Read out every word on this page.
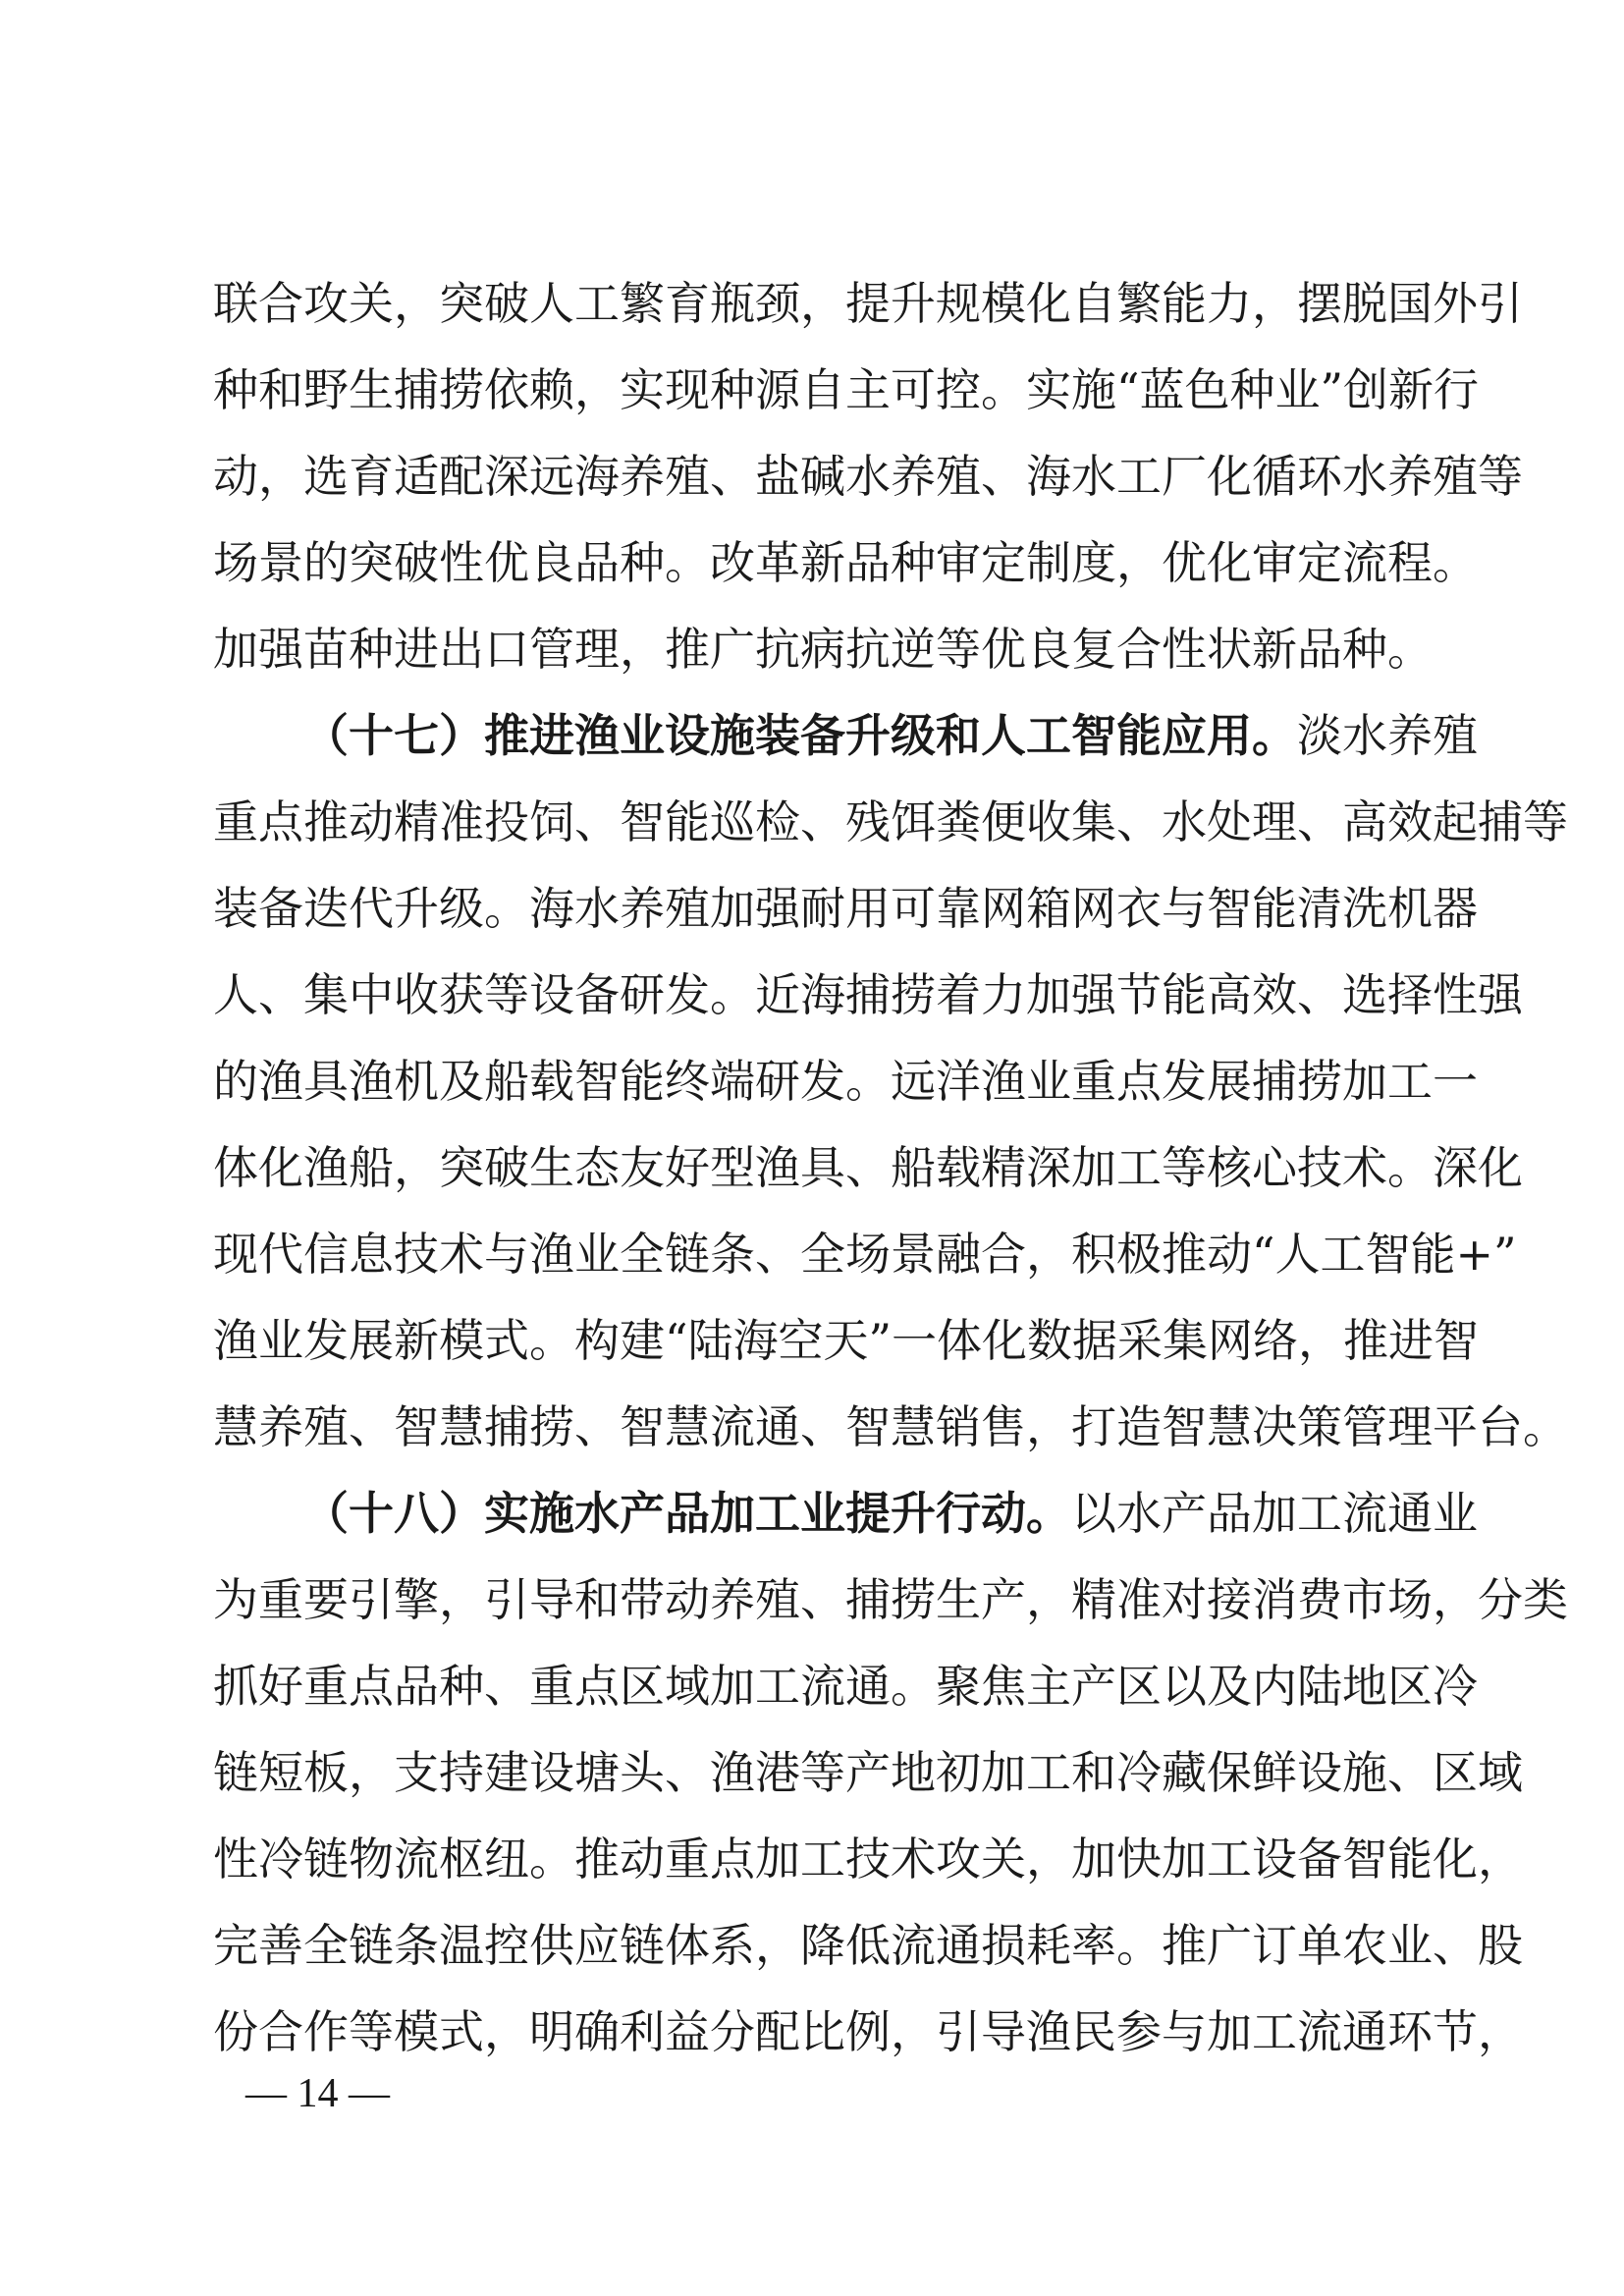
联合攻关，突破人工繁育瓶颈，提升规模化自繁能力，摆脱国外引
种和野生捕捞依赖，实现种源自主可控。实施“蓝色种业”创新行
动，选育适配深远海养殖、盐碱水养殖、海水工厂化循环水养殖等
场景的突破性优良品种。改革新品种审定制度，优化审定流程。
加强苗种进出口管理，推广抗病抗逆等优良复合性状新品种。
（十七）推进渔业设施装备升级和人工智能应用。淡水养殖
重点推动精准投饲、智能巡检、残饵粪便收集、水处理、高效起捕等
装备迭代升级。海水养殖加强耐用可靠网箱网衣与智能清洗机器
人、集中收获等设备研发。近海捕捞着力加强节能高效、选择性强
的渔具渔机及船载智能终端研发。远洋渔业重点发展捕捞加工一
体化渔船，突破生态友好型渔具、船载精深加工等核心技术。深化
现代信息技术与渔业全链条、全场景融合，积极推动“人工智能+”
渔业发展新模式。构建“陆海空天”一体化数据采集网络，推进智
慧养殖、智慧捕捞、智慧流通、智慧销售，打造智慧决策管理平台。
（十八）实施水产品加工业提升行动。以水产品加工流通业
为重要引擎，引导和带动养殖、捕捞生产，精准对接消费市场，分类
抓好重点品种、重点区域加工流通。聚焦主产区以及内陆地区冷
链短板，支持建设塘头、渔港等产地初加工和冷藏保鲜设施、区域
性冷链物流枢纽。推动重点加工技术攻关，加快加工设备智能化，
完善全链条温控供应链体系，降低流通损耗率。推广订单农业、股
份合作等模式，明确利益分配比例，引导渔民参与加工流通环节，
— 14 —
